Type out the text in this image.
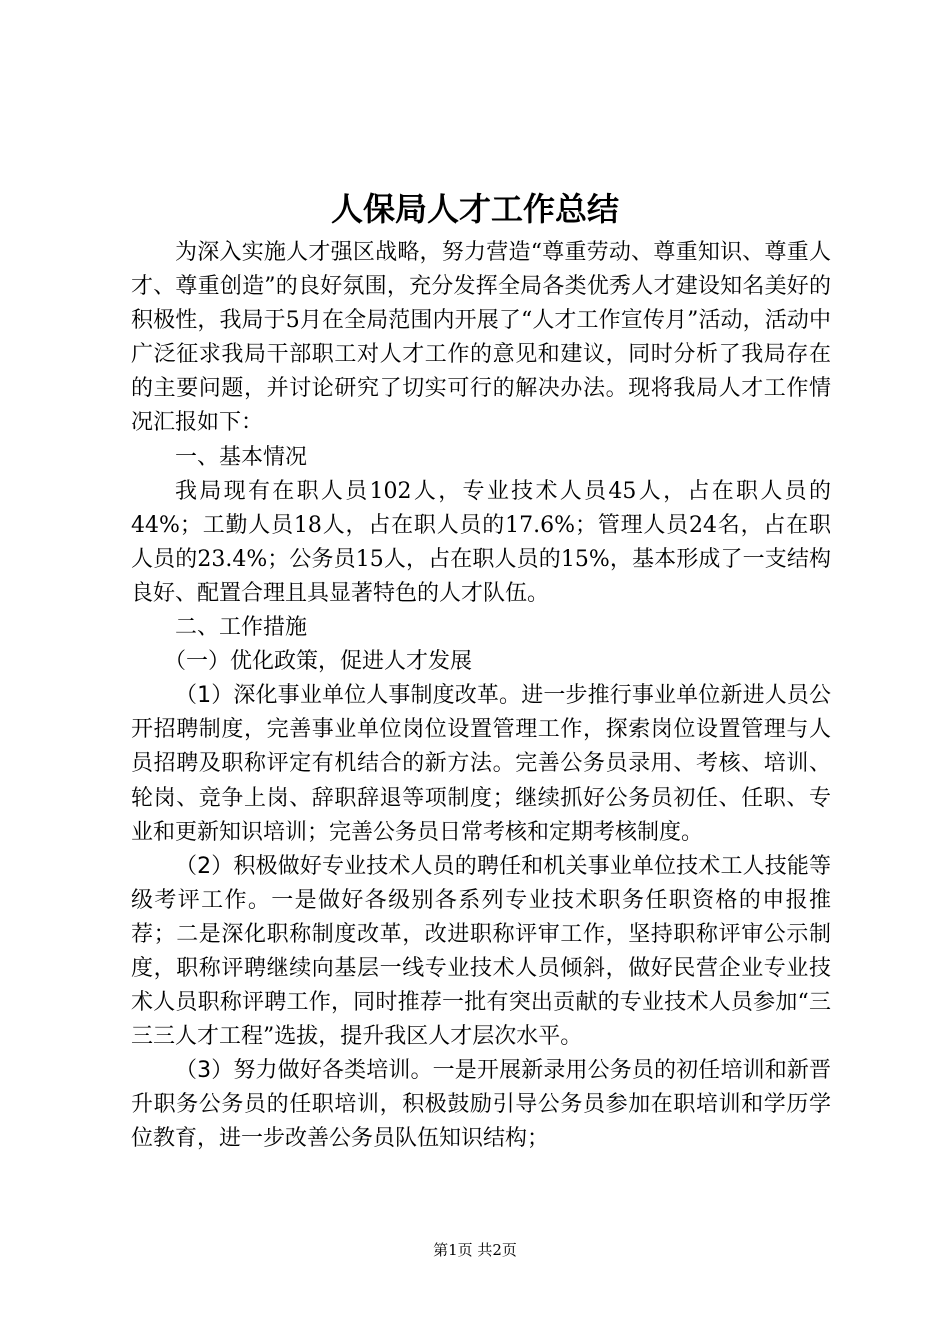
人保局人才工作总结

为深入实施人才强区战略，努力营造“尊重劳动、尊重知识、尊重人才、尊重创造”的良好氛围，充分发挥全局各类优秀人才建设知名美好的积极性，我局于5月在全局范围内开展了“人才工作宣传月”活动，活动中广泛征求我局干部职工对人才工作的意见和建议，同时分析了我局存在的主要问题，并讨论研究了切实可行的解决办法。现将我局人才工作情况汇报如下：

一、基本情况

我局现有在职人员102人，专业技术人员45人，占在职人员的44%；工勤人员18人，占在职人员的17.6%；管理人员24名，占在职人员的23.4%；公务员15人，占在职人员的15%，基本形成了一支结构良好、配置合理且具显著特色的人才队伍。

二、工作措施

（一）优化政策，促进人才发展

（1）深化事业单位人事制度改革。进一步推行事业单位新进人员公开招聘制度，完善事业单位岗位设置管理工作，探索岗位设置管理与人员招聘及职称评定有机结合的新方法。完善公务员录用、考核、培训、轮岗、竞争上岗、辞职辞退等项制度；继续抓好公务员初任、任职、专业和更新知识培训；完善公务员日常考核和定期考核制度。

（2）积极做好专业技术人员的聘任和机关事业单位技术工人技能等级考评工作。一是做好各级别各系列专业技术职务任职资格的申报推荐；二是深化职称制度改革，改进职称评审工作，坚持职称评审公示制度，职称评聘继续向基层一线专业技术人员倾斜，做好民营企业专业技术人员职称评聘工作，同时推荐一批有突出贡献的专业技术人员参加“三三三人才工程”选拔，提升我区人才层次水平。

（3）努力做好各类培训。一是开展新录用公务员的初任培训和新晋升职务公务员的任职培训，积极鼓励引导公务员参加在职培训和学历学位教育，进一步改善公务员队伍知识结构；

第1页 共2页
